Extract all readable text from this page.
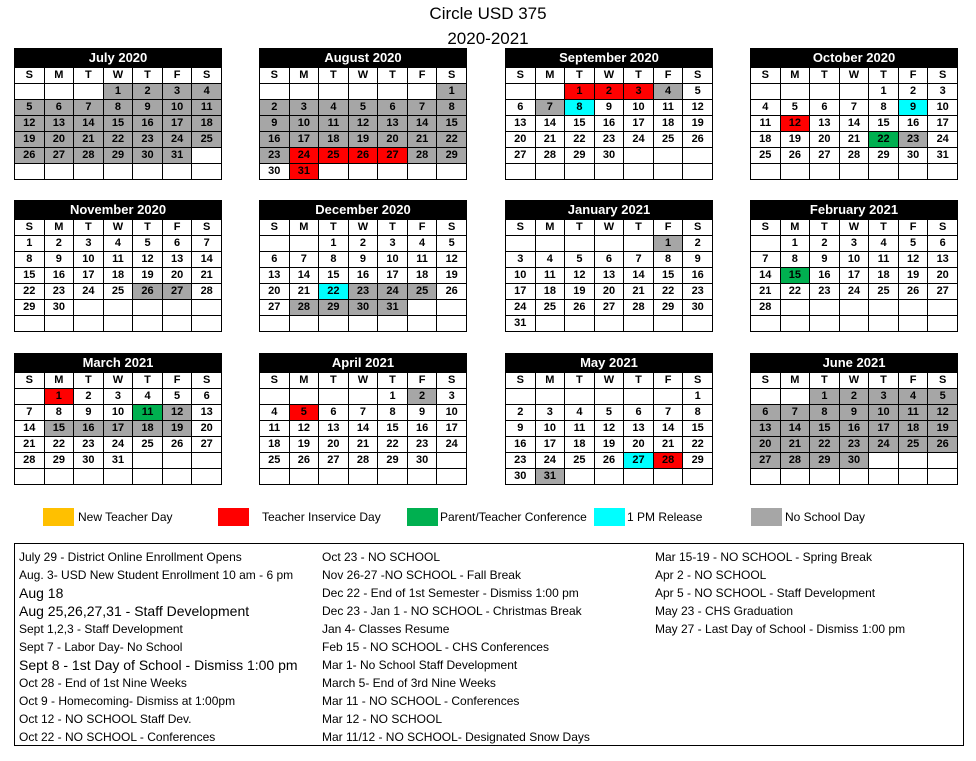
Circle USD 375
2020-2021
July 2020
S	M	T	W	T	F	S
			1	2	3	4
5	6	7	8	9	10	11
12	13	14	15	16	17	18
19	20	21	22	23	24	25
26	27	28	29	30	31	

August 2020
S	M	T	W	T	F	S
						1
2	3	4	5	6	7	8
9	10	11	12	13	14	15
16	17	18	19	20	21	22
23	24	25	26	27	28	29
30	31					
September 2020
S	M	T	W	T	F	S
		1	2	3	4	5
6	7	8	9	10	11	12
13	14	15	16	17	18	19
20	21	22	23	24	25	26
27	28	29	30			

October 2020
S	M	T	W	T	F	S
				1	2	3
4	5	6	7	8	9	10
11	12	13	14	15	16	17
18	19	20	21	22	23	24
25	26	27	28	29	30	31

November 2020
S	M	T	W	T	F	S
1	2	3	4	5	6	7
8	9	10	11	12	13	14
15	16	17	18	19	20	21
22	23	24	25	26	27	28
29	30					

December 2020
S	M	T	W	T	F	S
		1	2	3	4	5
6	7	8	9	10	11	12
13	14	15	16	17	18	19
20	21	22	23	24	25	26
27	28	29	30	31		

January 2021
S	M	T	W	T	F	S
					1	2
3	4	5	6	7	8	9
10	11	12	13	14	15	16
17	18	19	20	21	22	23
24	25	26	27	28	29	30
31						
February 2021
S	M	T	W	T	F	S
	1	2	3	4	5	6
7	8	9	10	11	12	13
14	15	16	17	18	19	20
21	22	23	24	25	26	27
28						

March 2021
S	M	T	W	T	F	S
	1	2	3	4	5	6
7	8	9	10	11	12	13
14	15	16	17	18	19	20
21	22	23	24	25	26	27
28	29	30	31			

April 2021
S	M	T	W	T	F	S
				1	2	3
4	5	6	7	8	9	10
11	12	13	14	15	16	17
18	19	20	21	22	23	24
25	26	27	28	29	30	

May 2021
S	M	T	W	T	F	S
						1
2	3	4	5	6	7	8
9	10	11	12	13	14	15
16	17	18	19	20	21	22
23	24	25	26	27	28	29
30	31					
June 2021
S	M	T	W	T	F	S
		1	2	3	4	5
6	7	8	9	10	11	12
13	14	15	16	17	18	19
20	21	22	23	24	25	26
27	28	29	30			

New Teacher Day	Teacher Inservice Day	Parent/Teacher Conference	1 PM Release	No School Day
July 29 - District Online Enrollment Opens
Aug. 3- USD New Student Enrollment 10 am - 6 pm
Aug 18
Aug 25,26,27,31 - Staff Development
Sept 1,2,3 - Staff Development
Sept 7 - Labor Day- No School
Sept 8 - 1st Day of School - Dismiss 1:00 pm
Oct 28 - End of 1st Nine Weeks
Oct 9 - Homecoming- Dismiss at 1:00pm
Oct 12 - NO SCHOOL Staff Dev.
Oct 22 - NO SCHOOL - Conferences
Oct 23 - NO SCHOOL
Nov 26-27 -NO SCHOOL - Fall Break
Dec 22 - End of 1st Semester - Dismiss 1:00 pm
Dec 23 - Jan 1 - NO SCHOOL - Christmas Break
Jan 4- Classes Resume
Feb 15 - NO SCHOOL - CHS Conferences
Mar 1- No School Staff Development
March 5- End of 3rd Nine Weeks
Mar 11 - NO SCHOOL - Conferences
Mar 12 - NO SCHOOL
Mar 11/12 - NO SCHOOL- Designated Snow Days
Mar 15-19 - NO SCHOOL - Spring Break
Apr 2 - NO SCHOOL
Apr 5 - NO SCHOOL - Staff Development
May 23 - CHS Graduation
May 27 - Last Day of School - Dismiss 1:00 pm
